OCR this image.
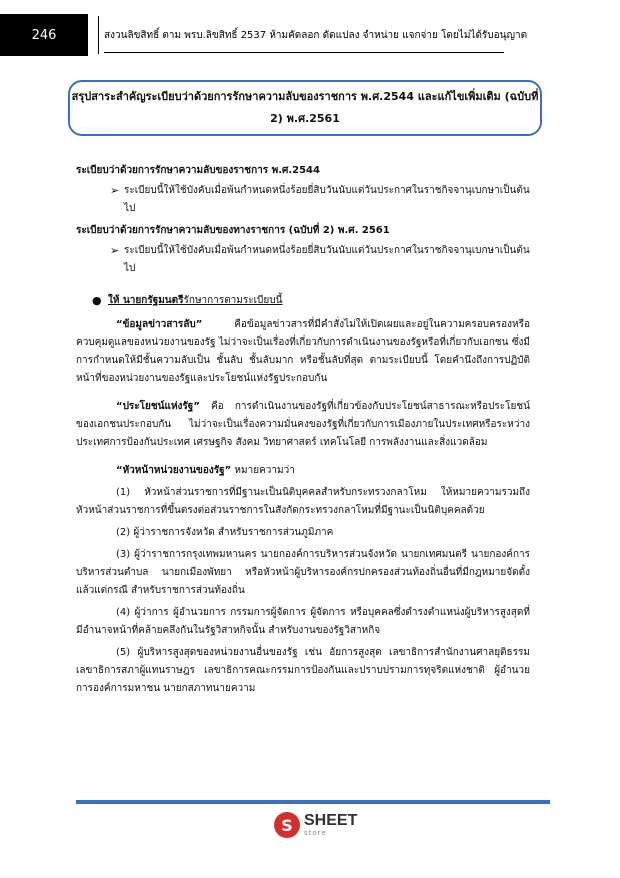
246	สงวนลิขสิทธิ์ ตาม พรบ.ลิขสิทธิ์ 2537 ห้ามคัดลอก ดัดแปลง จำหน่าย แจกจ่าย โดยไม่ได้รับอนุญาต
สรุปสาระสำคัญระเบียบว่าด้วยการรักษาความลับของราชการ พ.ศ.2544 และแก้ไขเพิ่มเติม (ฉบับที่
2) พ.ศ.2561
ระเบียบว่าด้วยการรักษาความลับของราชการ พ.ศ.2544
➢ ระเบียบนี้ให้ใช้บังคับเมื่อพ้นกำหนดหนึ่งร้อยยี่สิบวันนับแต่วันประกาศในราชกิจจานุเบกษาเป็นต้นไป
ระเบียบว่าด้วยการรักษาความลับของทางราชการ (ฉบับที่ 2) พ.ศ. 2561
➢ ระเบียบนี้ให้ใช้บังคับเมื่อพ้นกำหนดหนึ่งร้อยยี่สิบวันนับแต่วันประกาศในราชกิจจานุเบกษาเป็นต้นไป
● ให้ นายกรัฐมนตรีรักษาการตามระเบียบนี้

“ข้อมูลข่าวสารลับ” คือข้อมูลข่าวสารที่มีคำสั่งไม่ให้เปิดเผยและอยู่ในความครอบครองหรือควบคุมดูแลของหน่วยงานของรัฐ ไม่ว่าจะเป็นเรื่องที่เกี่ยวกับการดำเนินงานของรัฐหรือที่เกี่ยวกับเอกชน ซึ่งมีการกำหนดให้มีชั้นความลับเป็น ชั้นลับ ชั้นลับมาก หรือชั้นลับที่สุด ตามระเบียบนี้ โดยคำนึงถึงการปฏิบัติหน้าที่ของหน่วยงานของรัฐและประโยชน์แห่งรัฐประกอบกัน

“ประโยชน์แห่งรัฐ” คือ การดำเนินงานของรัฐที่เกี่ยวข้องกับประโยชน์สาธารณะหรือประโยชน์ของเอกชนประกอบกัน ไม่ว่าจะเป็นเรื่องความมั่นคงของรัฐที่เกี่ยวกับการเมืองภายในประเทศหรือระหว่างประเทศการป้องกันประเทศ เศรษฐกิจ สังคม วิทยาศาสตร์ เทคโนโลยี การพลังงานและสิ่งแวดล้อม

“หัวหน้าหน่วยงานของรัฐ” หมายความว่า

(1) หัวหน้าส่วนราชการที่มีฐานะเป็นนิติบุคคลสำหรับกระทรวงกลาโหม ให้หมายความรวมถึงหัวหน้าส่วนราชการที่ขึ้นตรงต่อส่วนราชการในสังกัดกระทรวงกลาโหมที่มีฐานะเป็นนิติบุคคลด้วย

(2) ผู้ว่าราชการจังหวัด สำหรับราชการส่วนภูมิภาค

(3) ผู้ว่าราชการกรุงเทพมหานคร นายกองค์การบริหารส่วนจังหวัด นายกเทศมนตรี นายกองค์การบริหารส่วนตำบล นายกเมืองพัทยา หรือหัวหน้าผู้บริหารองค์กรปกครองส่วนท้องถิ่นอื่นที่มีกฎหมายจัดตั้ง แล้วแต่กรณี สำหรับราชการส่วนท้องถิ่น

(4) ผู้ว่าการ ผู้อำนวยการ กรรมการผู้จัดการ ผู้จัดการ หรือบุคคลซึ่งดำรงตำแหน่งผู้บริหารสูงสุดที่มีอำนาจหน้าที่คล้ายคลึงกันในรัฐวิสาหกิจนั้น สำหรับงานของรัฐวิสาหกิจ

(5) ผู้บริหารสูงสุดของหน่วยงานอื่นของรัฐ เช่น อัยการสูงสุด เลขาธิการสำนักงานศาลยุติธรรม เลขาธิการสภาผู้แทนราษฎร เลขาธิการคณะกรรมการป้องกันและปราบปรามการทุจริตแห่งชาติ ผู้อำนวยการองค์การมหาชน นายกสภาทนายความ

S SHEET
store
